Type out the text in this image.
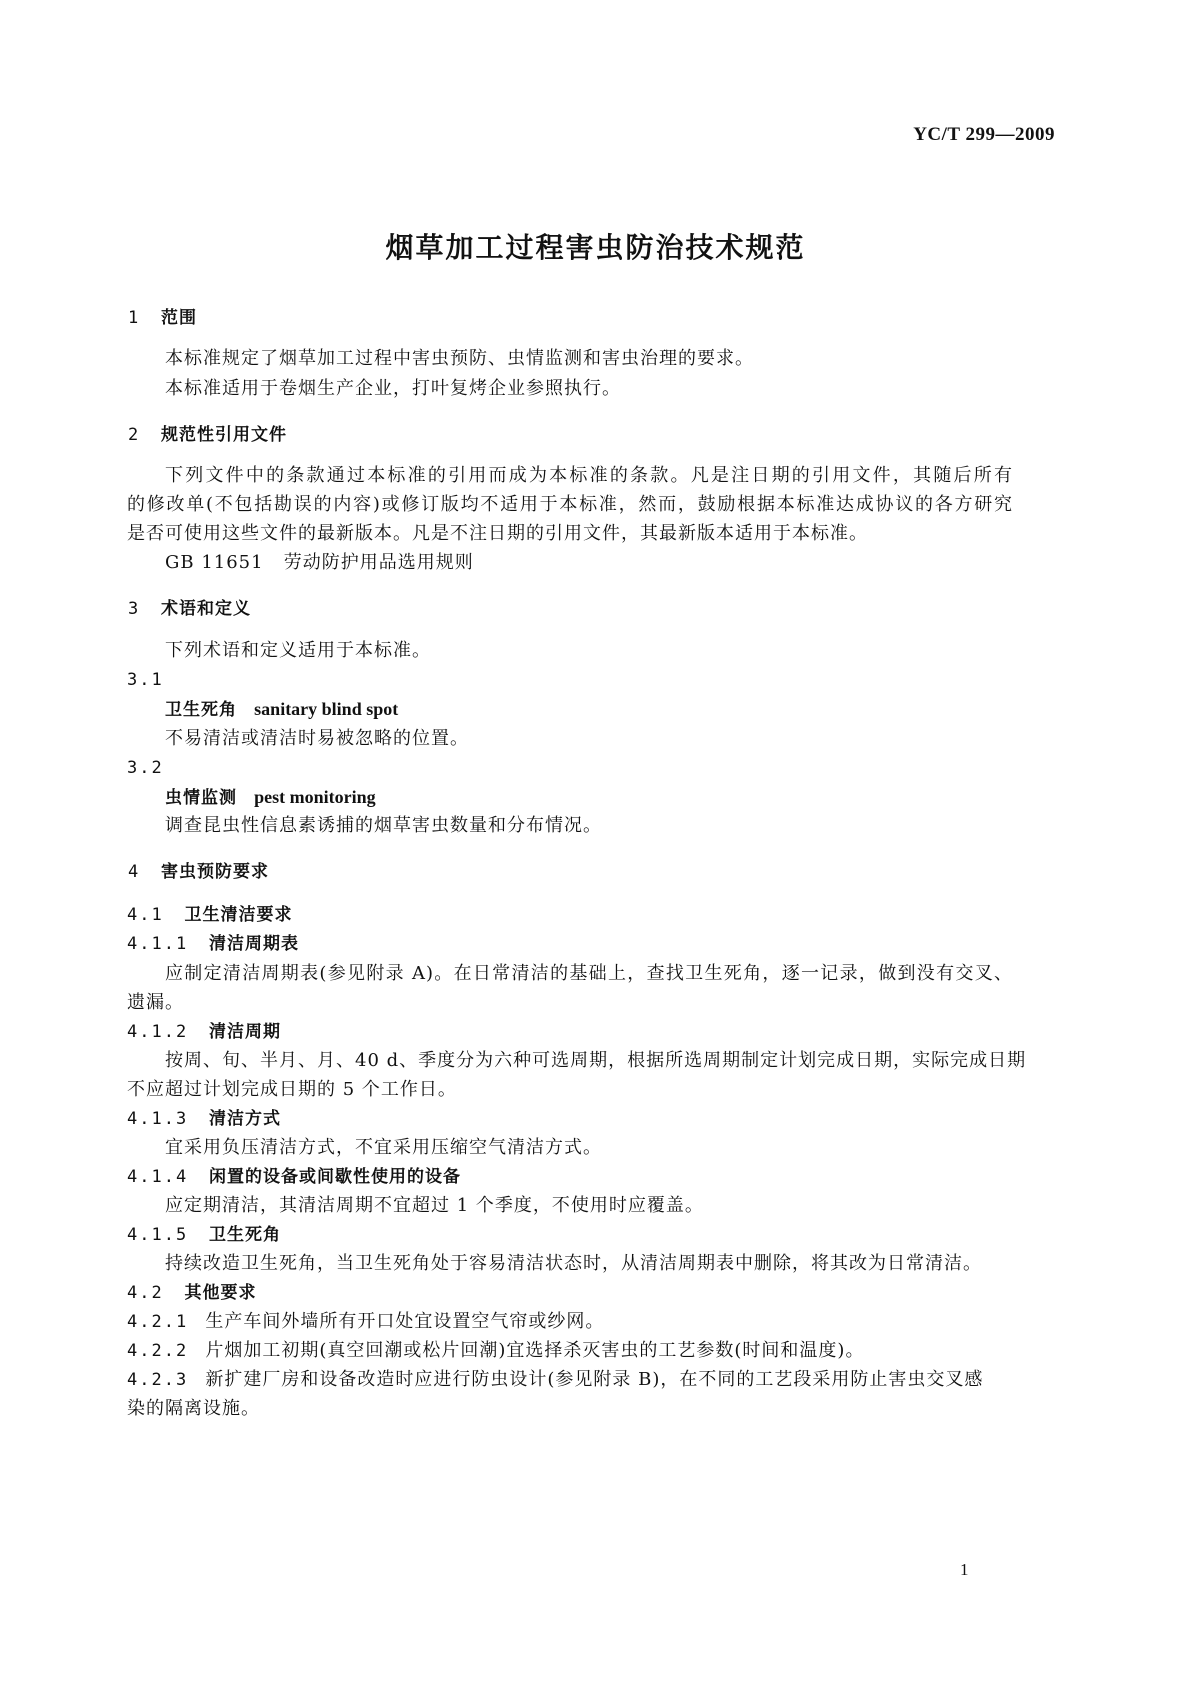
YC/T 299—2009
烟草加工过程害虫防治技术规范
1 范围
本标准规定了烟草加工过程中害虫预防、虫情监测和害虫治理的要求。
本标准适用于卷烟生产企业，打叶复烤企业参照执行。
2 规范性引用文件
下列文件中的条款通过本标准的引用而成为本标准的条款。凡是注日期的引用文件，其随后所有
的修改单(不包括勘误的内容)或修订版均不适用于本标准，然而，鼓励根据本标准达成协议的各方研究
是否可使用这些文件的最新版本。凡是不注日期的引用文件，其最新版本适用于本标准。
GB 11651 劳动防护用品选用规则
3 术语和定义
下列术语和定义适用于本标准。
3.1
卫生死角 sanitary blind spot
不易清洁或清洁时易被忽略的位置。
3.2
虫情监测 pest monitoring
调查昆虫性信息素诱捕的烟草害虫数量和分布情况。
4 害虫预防要求
4.1 卫生清洁要求
4.1.1 清洁周期表
应制定清洁周期表(参见附录 A)。在日常清洁的基础上，查找卫生死角，逐一记录，做到没有交叉、
遗漏。
4.1.2 清洁周期
按周、旬、半月、月、40 d、季度分为六种可选周期，根据所选周期制定计划完成日期，实际完成日期
不应超过计划完成日期的 5 个工作日。
4.1.3 清洁方式
宜采用负压清洁方式，不宜采用压缩空气清洁方式。
4.1.4 闲置的设备或间歇性使用的设备
应定期清洁，其清洁周期不宜超过 1 个季度，不使用时应覆盖。
4.1.5 卫生死角
持续改造卫生死角，当卫生死角处于容易清洁状态时，从清洁周期表中删除，将其改为日常清洁。
4.2 其他要求
4.2.1 生产车间外墙所有开口处宜设置空气帘或纱网。
4.2.2 片烟加工初期(真空回潮或松片回潮)宜选择杀灭害虫的工艺参数(时间和温度)。
4.2.3 新扩建厂房和设备改造时应进行防虫设计(参见附录 B)，在不同的工艺段采用防止害虫交叉感
染的隔离设施。
1
